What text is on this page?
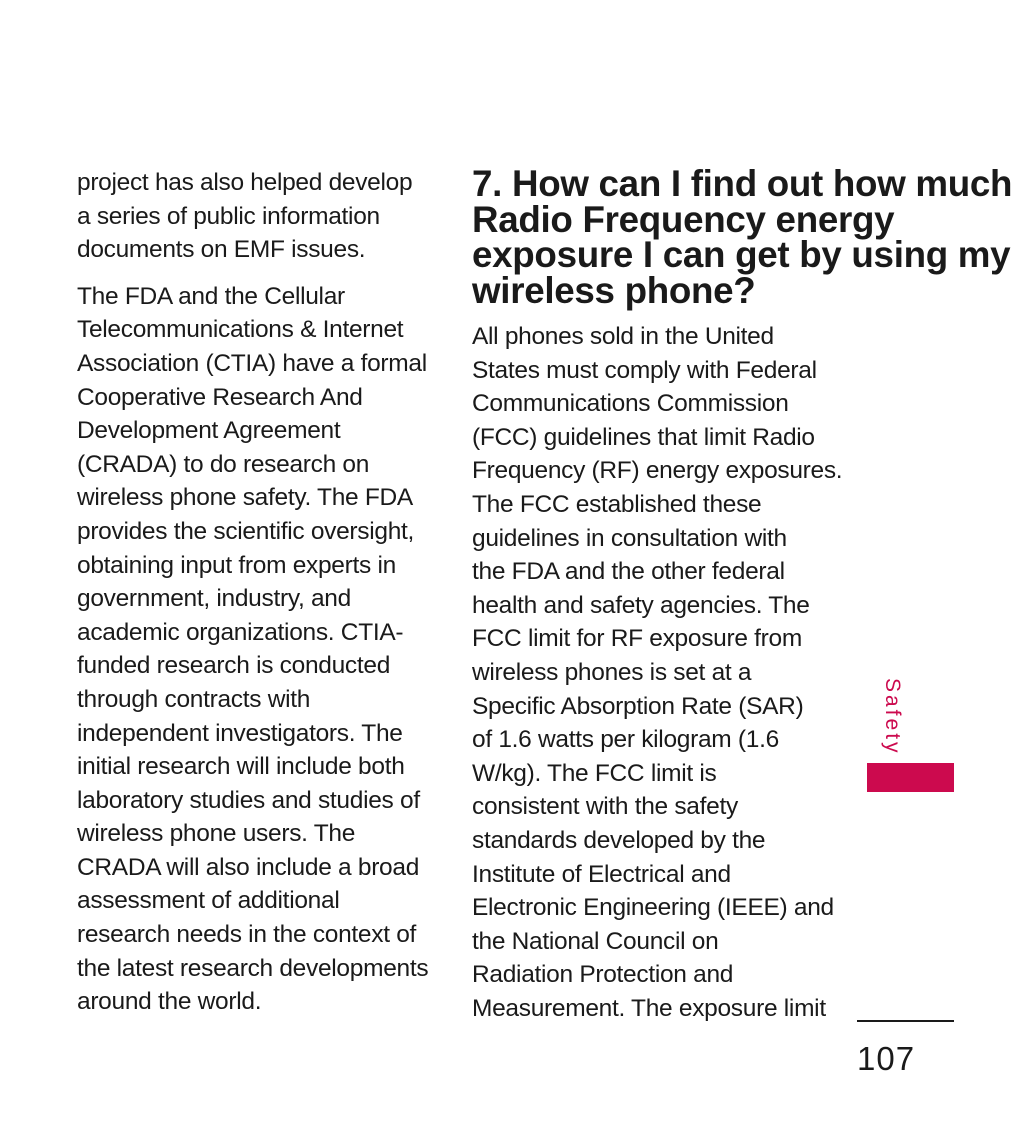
project has also helped develop
a series of public information
documents on EMF issues.

The FDA and the Cellular
Telecommunications & Internet
Association (CTIA) have a formal
Cooperative Research And
Development Agreement
(CRADA) to do research on
wireless phone safety. The FDA
provides the scientific oversight,
obtaining input from experts in
government, industry, and
academic organizations. CTIA-
funded research is conducted
through contracts with
independent investigators. The
initial research will include both
laboratory studies and studies of
wireless phone users. The
CRADA will also include a broad
assessment of additional
research needs in the context of
the latest research developments
around the world.

7. How can I find out how much
Radio Frequency energy
exposure I can get by using my
wireless phone?

All phones sold in the United
States must comply with Federal
Communications Commission
(FCC) guidelines that limit Radio
Frequency (RF) energy exposures.
The FCC established these
guidelines in consultation with
the FDA and the other federal
health and safety agencies. The
FCC limit for RF exposure from
wireless phones is set at a
Specific Absorption Rate (SAR)
of 1.6 watts per kilogram (1.6
W/kg). The FCC limit is
consistent with the safety
standards developed by the
Institute of Electrical and
Electronic Engineering (IEEE) and
the National Council on
Radiation Protection and
Measurement. The exposure limit

Safety
107
